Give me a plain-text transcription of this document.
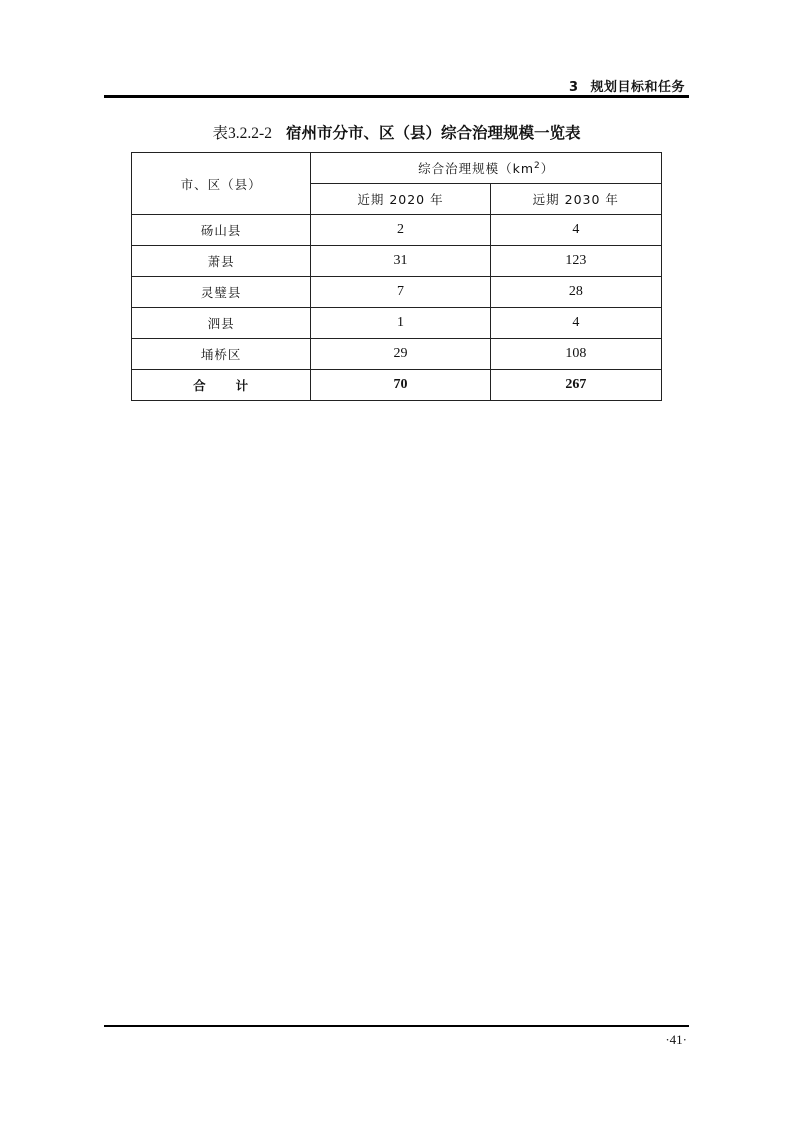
3 规划目标和任务
表3.2.2-2 宿州市分市、区（县）综合治理规模一览表
市、区（县）	综合治理规模$(km^2)$	
	近期 2020 年	远期 2030 年
砀山县	2	4
萧县	31	123
灵璧县	7	28
泗县	1	4
埇桥区	29	108
合计	70	267
·41·
